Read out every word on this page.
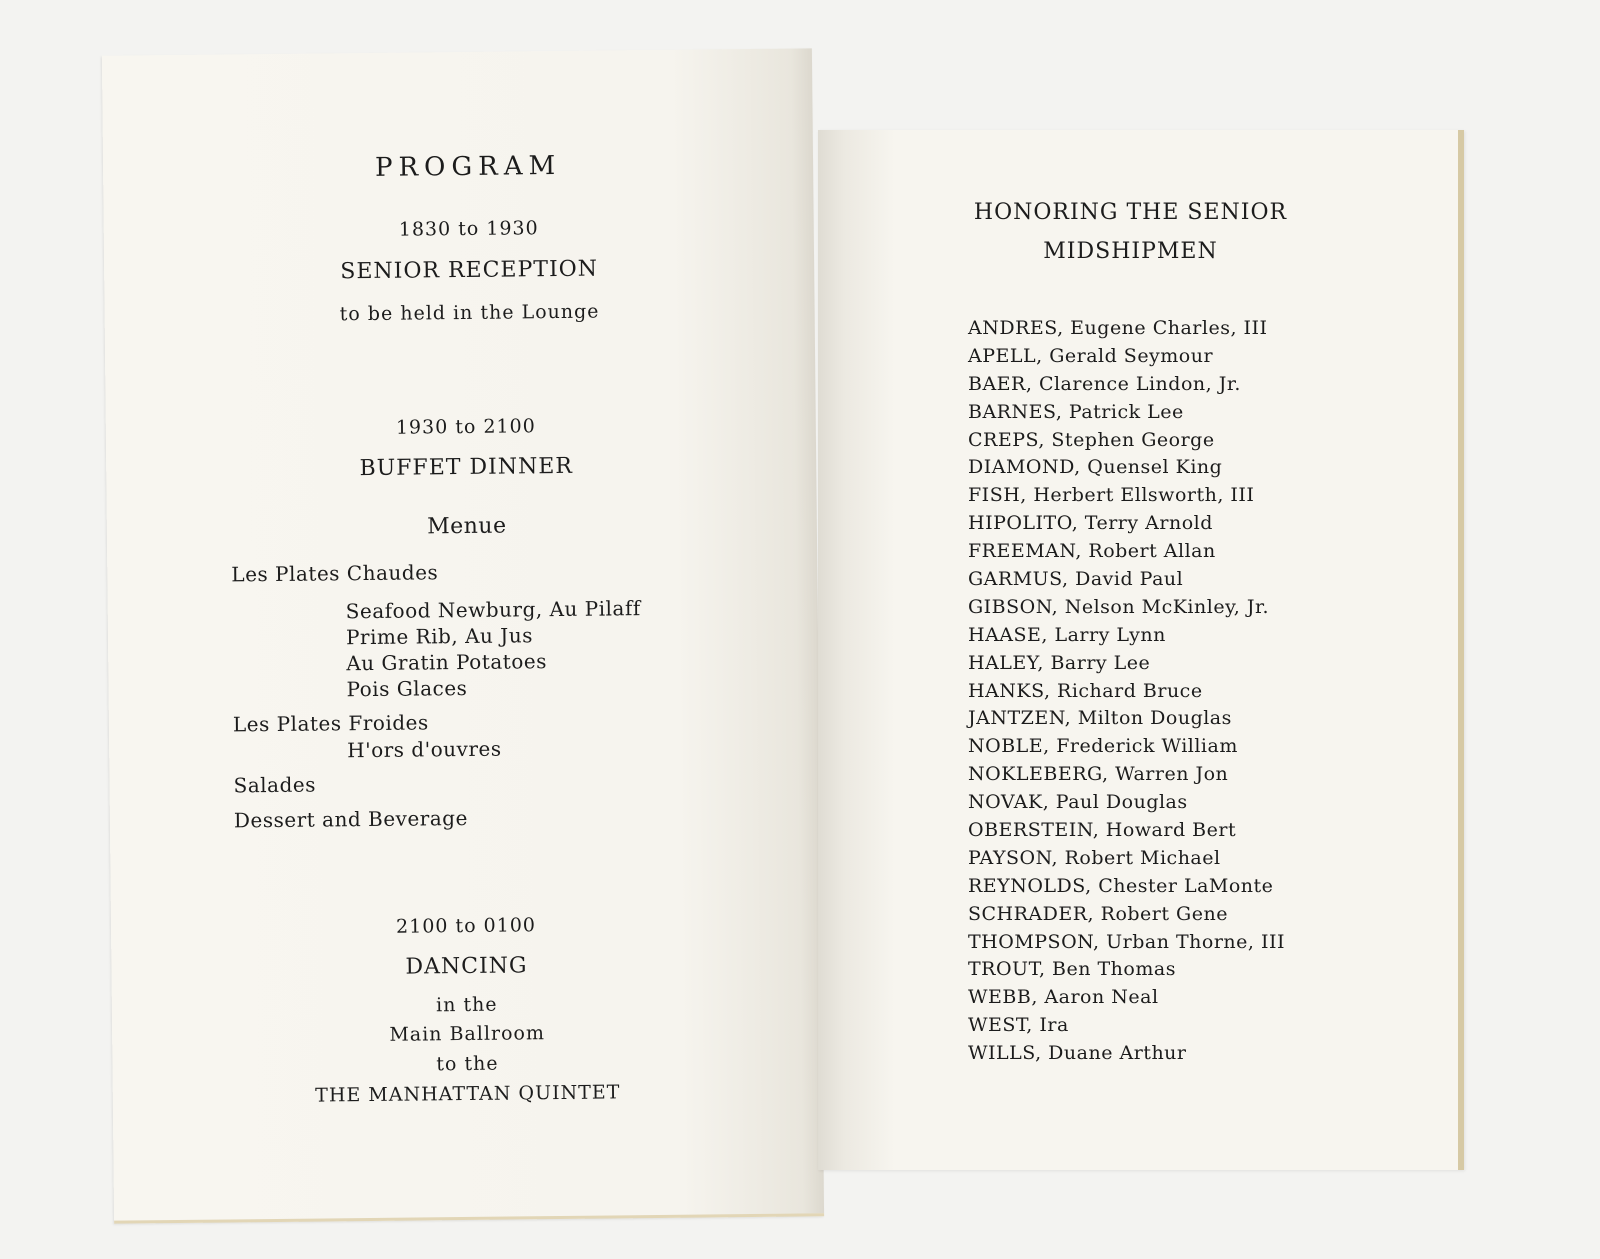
PROGRAM
1830 to 1930
SENIOR RECEPTION
to be held in the Lounge
1930 to 2100
BUFFET DINNER
Menue
Les Plates Chaudes
Seafood Newburg, Au Pilaff
Prime Rib, Au Jus
Au Gratin Potatoes
Pois Glaces
Les Plates Froides
H'ors d'ouvres
Salades
Dessert and Beverage
2100 to 0100
DANCING
in the
Main Ballroom
to the
THE MANHATTAN QUINTET
HONORING THE SENIOR
MIDSHIPMEN
ANDRES, Eugene Charles, III
APELL, Gerald Seymour
BAER, Clarence Lindon, Jr.
BARNES, Patrick Lee
CREPS, Stephen George
DIAMOND, Quensel King
FISH, Herbert Ellsworth, III
HIPOLITO, Terry Arnold
FREEMAN, Robert Allan
GARMUS, David Paul
GIBSON, Nelson McKinley, Jr.
HAASE, Larry Lynn
HALEY, Barry Lee
HANKS, Richard Bruce
JANTZEN, Milton Douglas
NOBLE, Frederick William
NOKLEBERG, Warren Jon
NOVAK, Paul Douglas
OBERSTEIN, Howard Bert
PAYSON, Robert Michael
REYNOLDS, Chester LaMonte
SCHRADER, Robert Gene
THOMPSON, Urban Thorne, III
TROUT, Ben Thomas
WEBB, Aaron Neal
WEST, Ira
WILLS, Duane Arthur
